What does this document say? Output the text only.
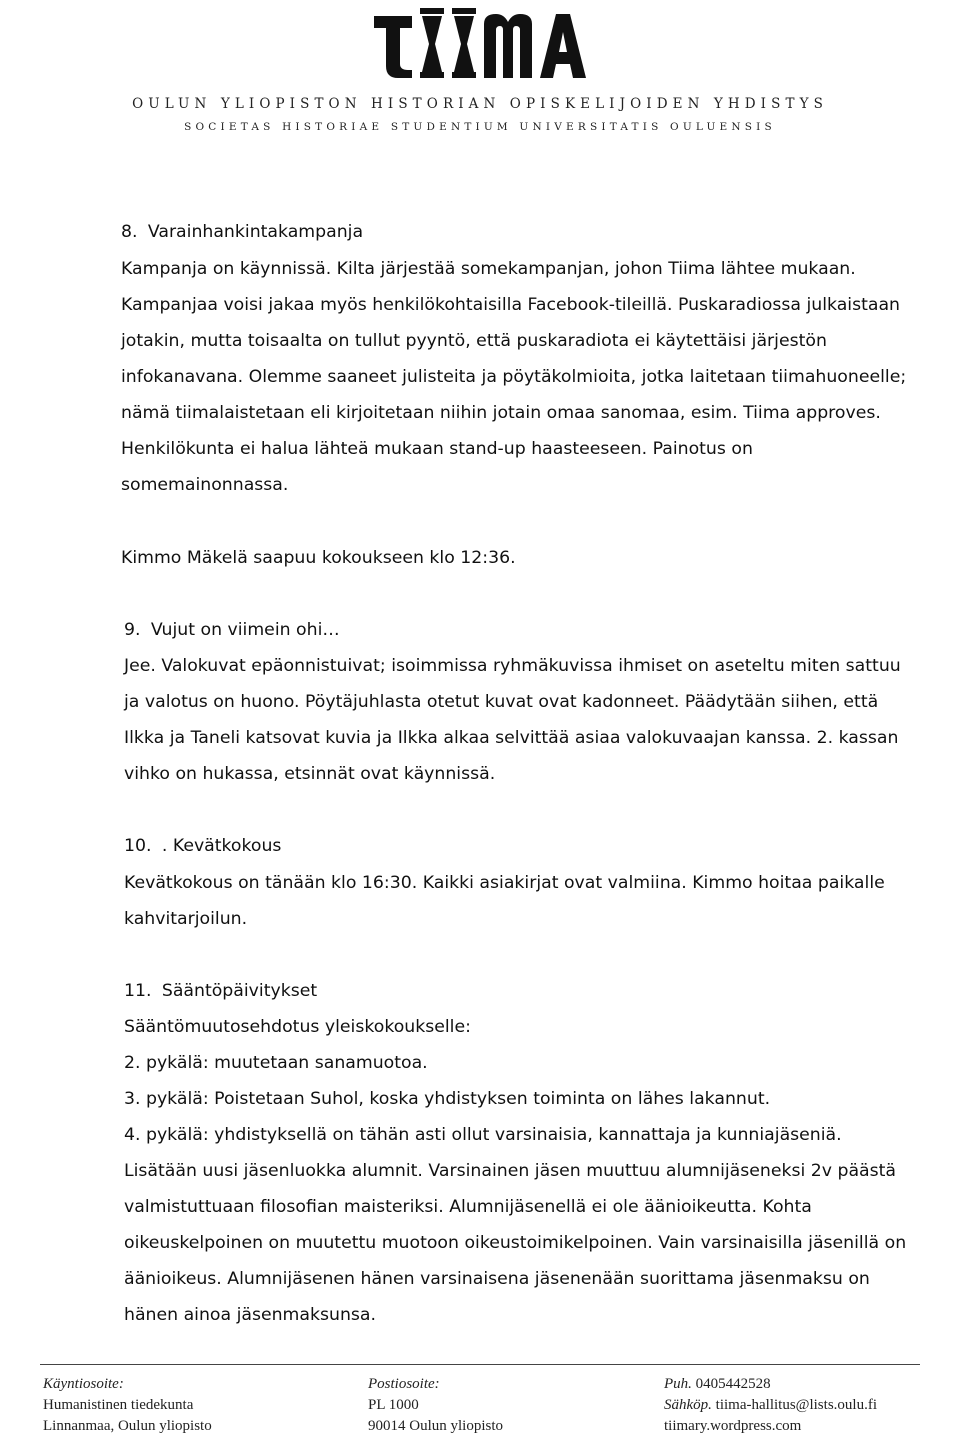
OULUN YLIOPISTON HISTORIAN OPISKELIJOIDEN YHDISTYS
SOCIETAS HISTORIAE STUDENTIUM UNIVERSITATIS OULUENSIS
8. Varainhankintakampanja
Kampanja on käynnissä. Kilta järjestää somekampanjan, johon Tiima lähtee mukaan.
Kampanjaa voisi jakaa myös henkilökohtaisilla Facebook-tileillä. Puskaradiossa julkaistaan
jotakin, mutta toisaalta on tullut pyyntö, että puskaradiota ei käytettäisi järjestön
infokanavana. Olemme saaneet julisteita ja pöytäkolmioita, jotka laitetaan tiimahuoneelle;
nämä tiimalaistetaan eli kirjoitetaan niihin jotain omaa sanomaa, esim. Tiima approves.
Henkilökunta ei halua lähteä mukaan stand-up haasteeseen. Painotus on
somemainonnassa.
Kimmo Mäkelä saapuu kokoukseen klo 12:36.
9. Vujut on viimein ohi…
Jee. Valokuvat epäonnistuivat; isoimmissa ryhmäkuvissa ihmiset on aseteltu miten sattuu
ja valotus on huono. Pöytäjuhlasta otetut kuvat ovat kadonneet. Päädytään siihen, että
Ilkka ja Taneli katsovat kuvia ja Ilkka alkaa selvittää asiaa valokuvaajan kanssa. 2. kassan
vihko on hukassa, etsinnät ovat käynnissä.
10. . Kevätkokous
Kevätkokous on tänään klo 16:30. Kaikki asiakirjat ovat valmiina. Kimmo hoitaa paikalle
kahvitarjoilun.
11. Sääntöpäivitykset
Sääntömuutosehdotus yleiskokoukselle:
2. pykälä: muutetaan sanamuotoa.
3. pykälä: Poistetaan Suhol, koska yhdistyksen toiminta on lähes lakannut.
4. pykälä: yhdistyksellä on tähän asti ollut varsinaisia, kannattaja ja kunniajäseniä.
Lisätään uusi jäsenluokka alumnit. Varsinainen jäsen muuttuu alumnijäseneksi 2v päästä
valmistuttuaan filosofian maisteriksi. Alumnijäsenellä ei ole äänioikeutta. Kohta
oikeuskelpoinen on muutettu muotoon oikeustoimikelpoinen. Vain varsinaisilla jäsenillä on
äänioikeus. Alumnijäsenen hänen varsinaisena jäsenenään suorittama jäsenmaksu on
hänen ainoa jäsenmaksunsa.
Käyntiosoite:
Humanistinen tiedekunta
Linnanmaa, Oulun yliopisto
Postiosoite:
PL 1000
90014 Oulun yliopisto
Puh. 0405442528
Sähköp. tiima-hallitus@lists.oulu.fi
tiimary.wordpress.com
